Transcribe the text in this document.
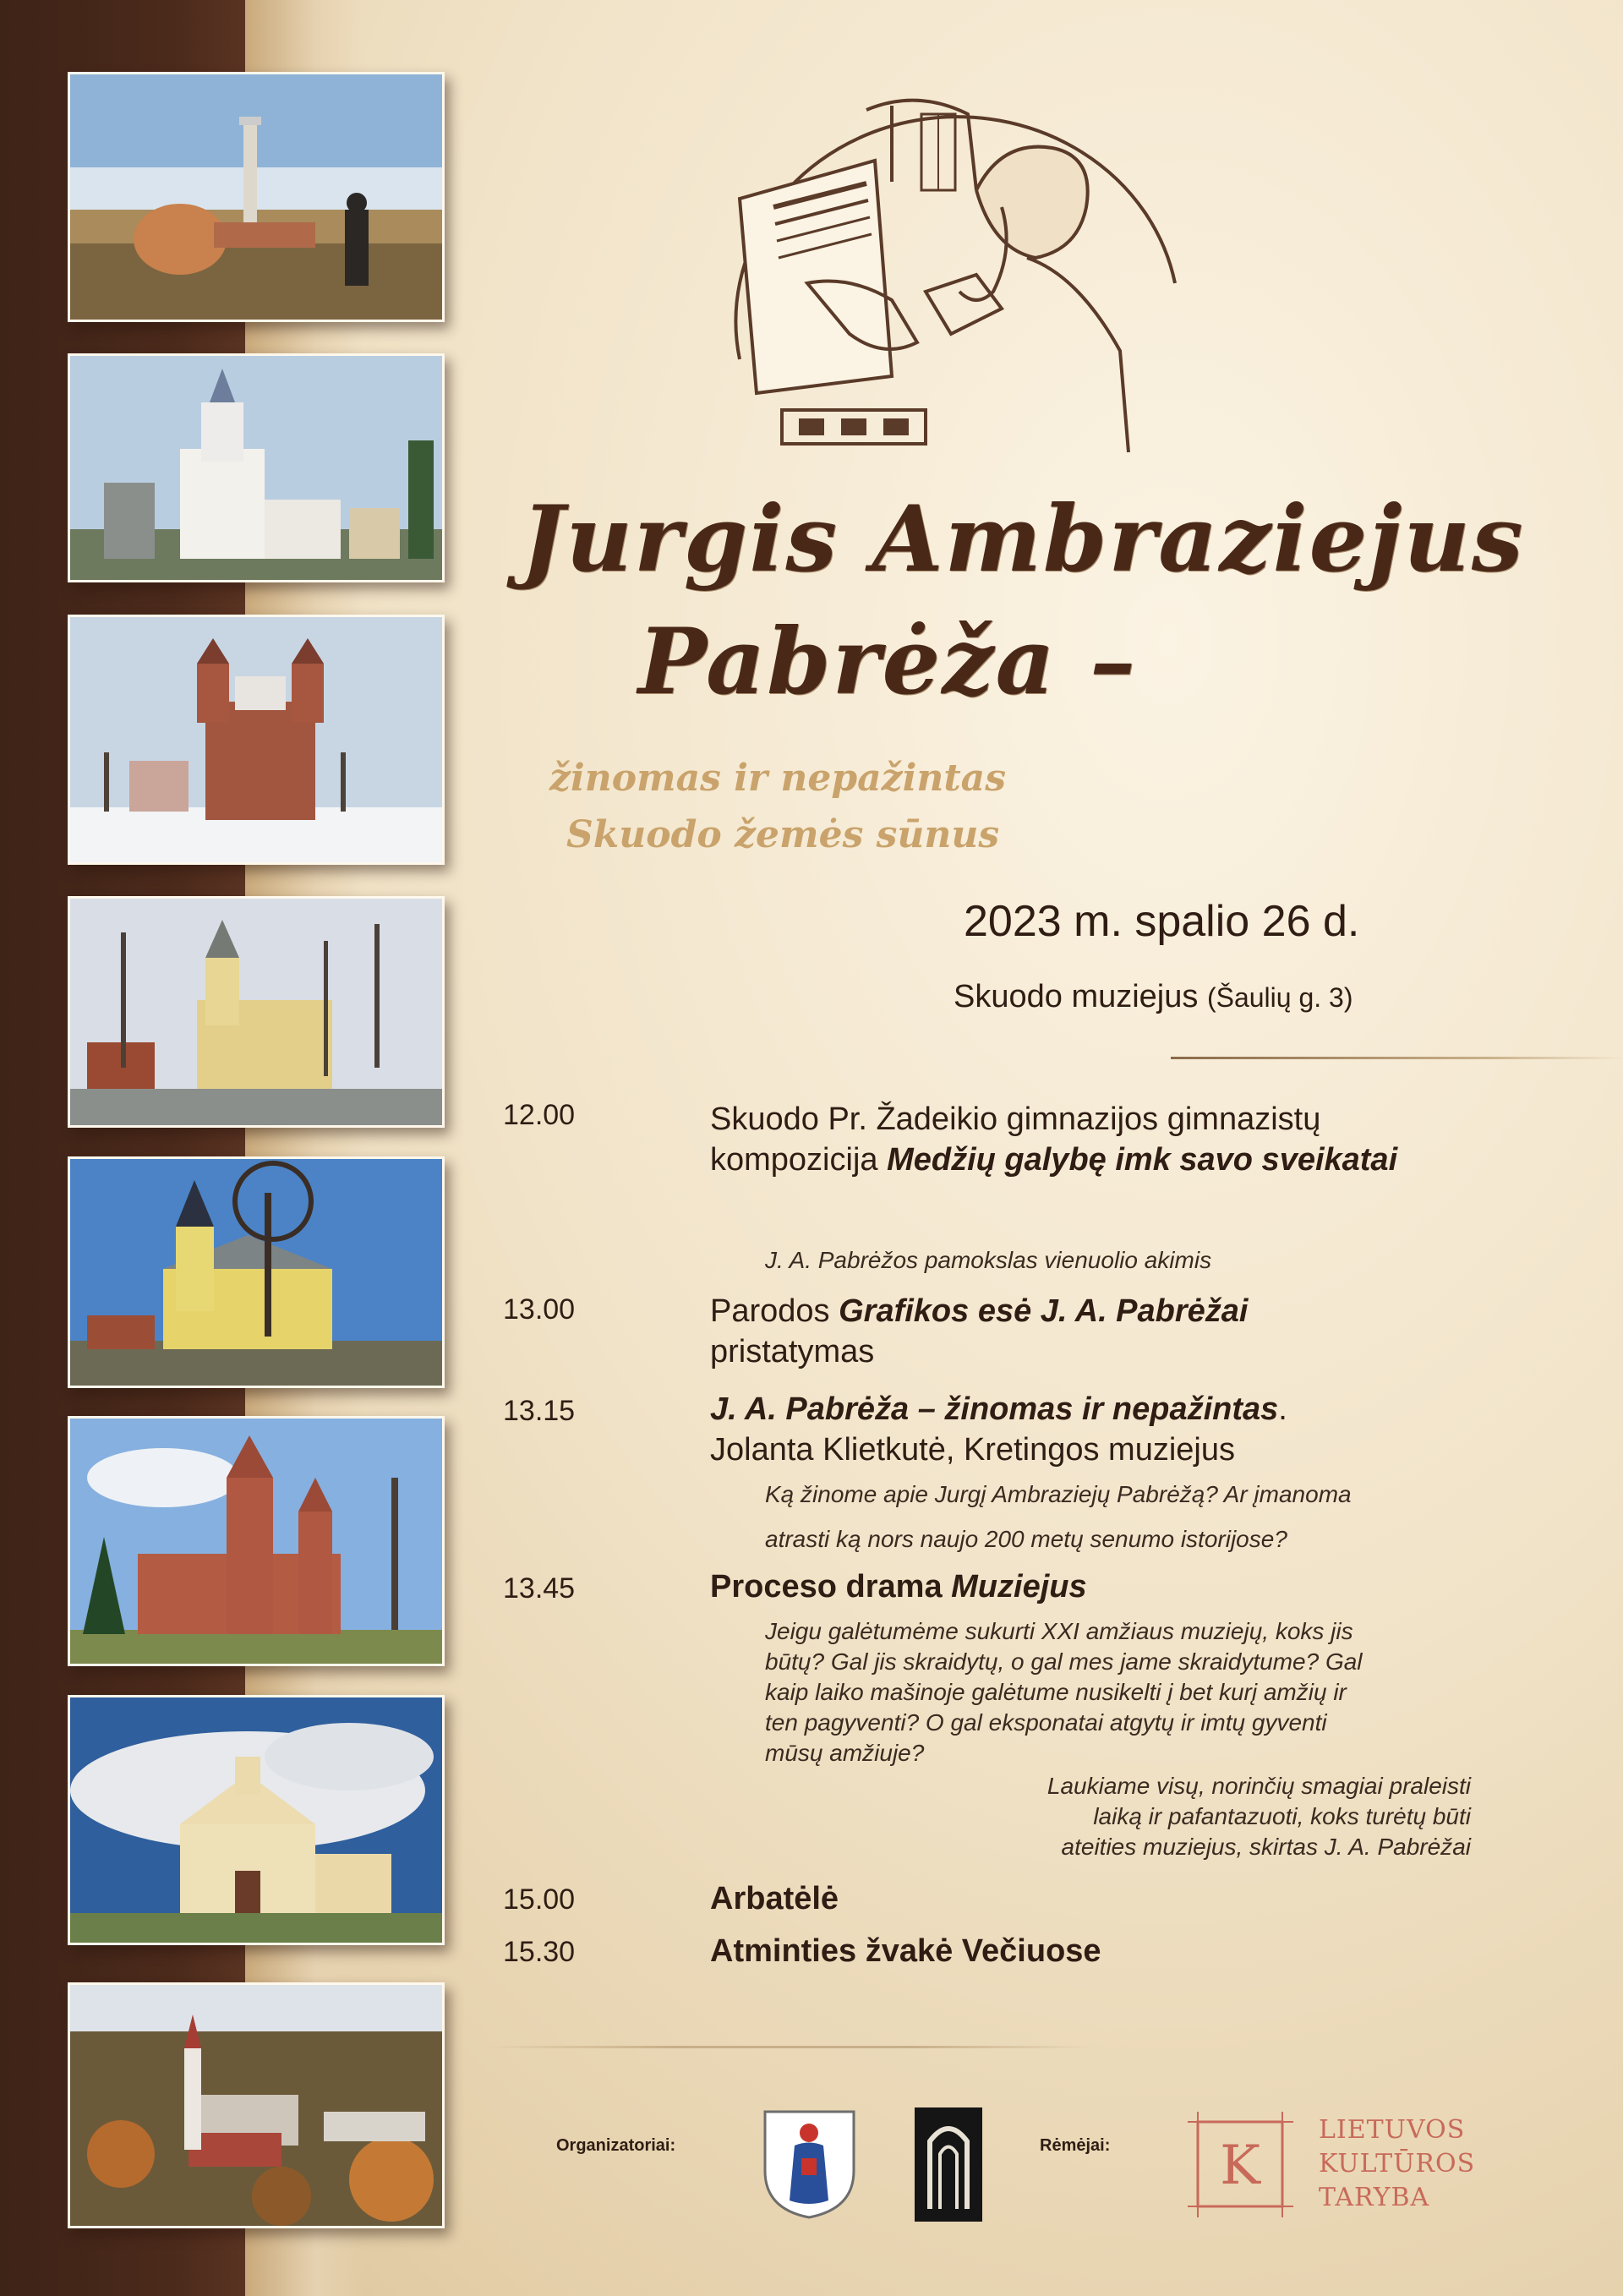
Jurgis Ambraziejus
Pabrėža –
žinomas ir nepažintas
Skuodo žemės sūnus
2023 m. spalio 26 d.
Skuodo muziejus (Šaulių g. 3)
12.00	Skuodo Pr. Žadeikio gimnazijos gimnazistų kompozicija Medžių galybę imk savo sveikatai
J. A. Pabrėžos pamokslas vienuolio akimis
13.00	Parodos Grafikos esė J. A. Pabrėžai
pristatymas
13.15	J. A. Pabrėža – žinomas ir nepažintas.
Jolanta Klietkutė, Kretingos muziejus
Ką žinome apie Jurgį Ambraziejų Pabrėžą? Ar įmanoma
atrasti ką nors naujo 200 metų senumo istorijose?
13.45	Proceso drama Muziejus
Jeigu galėtumėme sukurti XXI amžiaus muziejų, koks jis
būtų? Gal jis skraidytų, o gal mes jame skraidytume? Gal
kaip laiko mašinoje galėtume nusikelti į bet kurį amžių ir
ten pagyventi? O gal eksponatai atgytų ir imtų gyventi
mūsų amžiuje?
Laukiame visų, norinčių smagiai praleisti
laiką ir pafantazuoti, koks turėtų būti
ateities muziejus, skirtas J. A. Pabrėžai
15.00	Arbatėlė
15.30	Atminties žvakė Večiuose
Organizatoriai:	Rėmėjai: K
LIETUVOS
KULTŪROS
TARYBA
